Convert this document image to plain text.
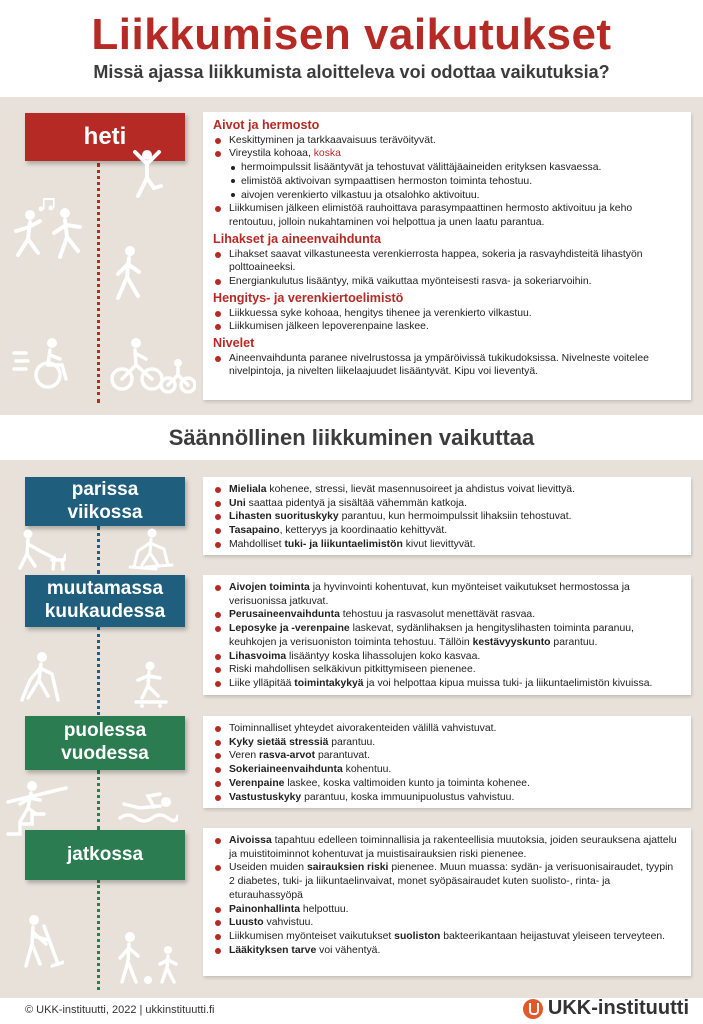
Liikkumisen vaikutukset
Missä ajassa liikkumista aloitteleva voi odottaa vaikutuksia?
heti	Aivot ja hermosto
Keskittyminen ja tarkkaavaisuus terävöityvät.
Vireystila kohoaa, koska
hermoimpulssit lisääntyvät ja tehostuvat välittäjäaineiden erityksen kasvaessa.
elimistöä aktivoivan sympaattisen hermoston toiminta tehostuu.
aivojen verenkierto vilkastuu ja otsalohko aktivoituu.
Liikkumisen jälkeen elimistöä rauhoittava parasympaattinen hermosto aktivoituu ja keho rentoutuu, jolloin nukahtaminen voi helpottua ja unen laatu parantua.
Lihakset ja aineenvaihdunta
Lihakset saavat vilkastuneesta verenkierrosta happea, sokeria ja rasvayhdisteitä lihastyön polttoaineeksi.
Energiankulutus lisääntyy, mikä vaikuttaa myönteisesti rasva- ja sokeriarvoihin.
Hengitys- ja verenkiertoelimistö
Liikkuessa syke kohoaa, hengitys tihenee ja verenkierto vilkastuu.
Liikkumisen jälkeen lepoverenpaine laskee.
Nivelet
Aineenvaihdunta paranee nivelrustossa ja ympäröivissä tukikudoksissa. Nivelneste voitelee nivelpintoja, ja nivelten liikelaajuudet lisääntyvät. Kipu voi lieventyä.
Säännöllinen liikkuminen vaikuttaa
parissa viikossa
muutamassa kuukaudessa
puolessa vuodessa
jatkossa
Mieliala kohenee, stressi, lievät masennusoireet ja ahdistus voivat lievittyä.
Uni saattaa pidentyä ja sisältää vähemmän katkoja.
Lihasten suorituskyky parantuu, kun hermoimpulssit lihaksiin tehostuvat.
Tasapaino, ketteryys ja koordinaatio kehittyvät.
Mahdolliset tuki- ja liikuntaelimistön kivut lievittyvät.
Aivojen toiminta ja hyvinvointi kohentuvat, kun myönteiset vaikutukset hermostossa ja verisuonissa jatkuvat.
Perusaineenvaihdunta tehostuu ja rasvasolut menettävät rasvaa.
Leposyke ja -verenpaine laskevat, sydänlihaksen ja hengityslihasten toiminta paranuu, keuhkojen ja verisuoniston toiminta tehostuu. Tällöin kestävyyskunto parantuu.
Lihasvoima lisääntyy koska lihassolujen koko kasvaa.
Riski mahdollisen selkäkivun pitkittymiseen pienenee.
Liike ylläpitää toimintakykyä ja voi helpottaa kipua muissa tuki- ja liikuntaelimistön kivuissa.
Toiminnalliset yhteydet aivorakenteiden välillä vahvistuvat.
Kyky sietää stressiä parantuu.
Veren rasva-arvot parantuvat.
Sokeriaineenvaihdunta kohentuu.
Verenpaine laskee, koska valtimoiden kunto ja toiminta kohenee.
Vastustuskyky parantuu, koska immuunipuolustus vahvistuu.
Aivoissa tapahtuu edelleen toiminnallisia ja rakenteellisia muutoksia, joiden seurauksena ajattelu ja muistitoiminnot kohentuvat ja muistisairauksien riski pienenee.
Useiden muiden sairauksien riski pienenee. Muun muassa: sydän- ja verisuonisairaudet, tyypin 2 diabetes, tuki- ja liikuntaelinvaivat, monet syöpäsairaudet kuten suolisto-, rinta- ja eturauhassyöpä
Painonhallinta helpottuu.
Luusto vahvistuu.
Liikkumisen myönteiset vaikutukset suoliston bakteerikantaan heijastuvat yleiseen terveyteen.
Lääkityksen tarve voi vähentyä.
© UKK-instituutti, 2022 | ukkinstituutti.fi	UKK-instituutti
